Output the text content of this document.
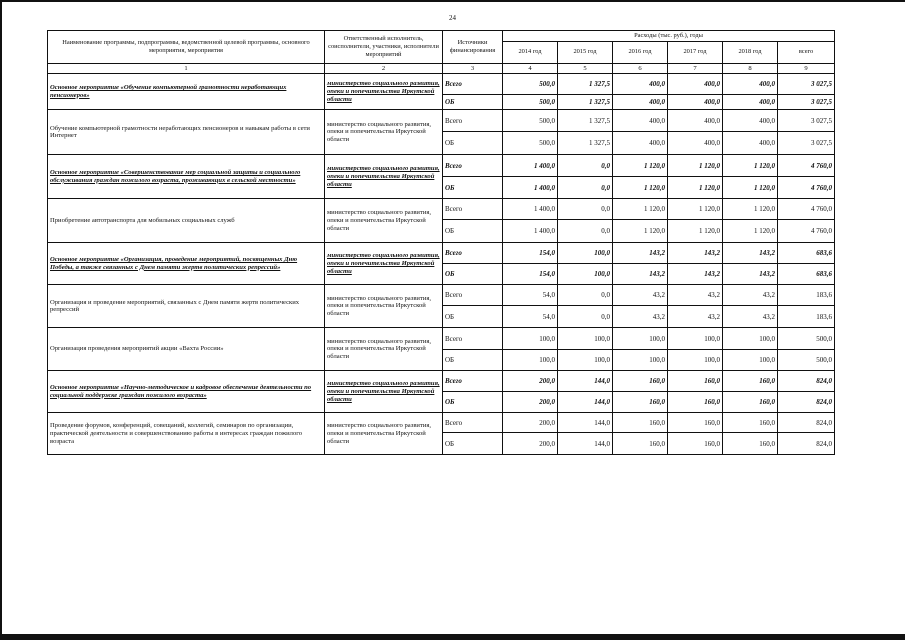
24
Наименование программы, подпрограммы, ведомственной целевой программы, основного мероприятия, мероприятия	Ответственный исполнитель, соисполнители, участники, исполнители мероприятий	Источники финансирования	Расходы (тыс. руб.), годы					
			2014 год	2015 год	2016 год	2017 год	2018 год	всего
1	2	3	4	5	6	7	8	9
Основное мероприятие «Обучение компьютерной грамотности неработающих пенсионеров»	министерство социального развития, опеки и попечительства Иркутской области	Всего	500,0	1 327,5	400,0	400,0	400,0	3 027,5
		ОБ	500,0	1 327,5	400,0	400,0	400,0	3 027,5
Обучение компьютерной грамотности неработающих пенсионеров и навыкам работы в сети Интернет	министерство социального развития, опеки и попечительства Иркутской области	Всего	500,0	1 327,5	400,0	400,0	400,0	3 027,5
		ОБ	500,0	1 327,5	400,0	400,0	400,0	3 027,5
Основное мероприятие «Совершенствование мер социальной защиты и социального обслуживания граждан пожилого возраста, проживающих в сельской местности»	министерство социального развития, опеки и попечительства Иркутской области	Всего	1 400,0	0,0	1 120,0	1 120,0	1 120,0	4 760,0
		ОБ	1 400,0	0,0	1 120,0	1 120,0	1 120,0	4 760,0
Приобретение автотранспорта для мобильных социальных служб	министерство социального развития, опеки и попечительства Иркутской области	Всего	1 400,0	0,0	1 120,0	1 120,0	1 120,0	4 760,0
		ОБ	1 400,0	0,0	1 120,0	1 120,0	1 120,0	4 760,0
Основное мероприятие «Организация, проведение мероприятий, посвященных Дню Победы, а также связанных с Днем памяти жертв политических репрессий»	министерство социального развития, опеки и попечительства Иркутской области	Всего	154,0	100,0	143,2	143,2	143,2	683,6
		ОБ	154,0	100,0	143,2	143,2	143,2	683,6
Организация и проведение мероприятий, связанных с Днем памяти жертв политических репрессий	министерство социального развития, опеки и попечительства Иркутской области	Всего	54,0	0,0	43,2	43,2	43,2	183,6
		ОБ	54,0	0,0	43,2	43,2	43,2	183,6
Организация проведения мероприятий акции «Вахта России»	министерство социального развития, опеки и попечительства Иркутской области	Всего	100,0	100,0	100,0	100,0	100,0	500,0
		ОБ	100,0	100,0	100,0	100,0	100,0	500,0
Основное мероприятие «Научно-методическое и кадровое обеспечение деятельности по социальной поддержке граждан пожилого возраста»	министерство социального развития, опеки и попечительства Иркутской области	Всего	200,0	144,0	160,0	160,0	160,0	824,0
		ОБ	200,0	144,0	160,0	160,0	160,0	824,0
Проведение форумов, конференций, совещаний, коллегий, семинаров по организации, практической деятельности и совершенствованию работы в интересах граждан пожилого возраста	министерство социального развития, опеки и попечительства Иркутской области	Всего	200,0	144,0	160,0	160,0	160,0	824,0
		ОБ	200,0	144,0	160,0	160,0	160,0	824,0
